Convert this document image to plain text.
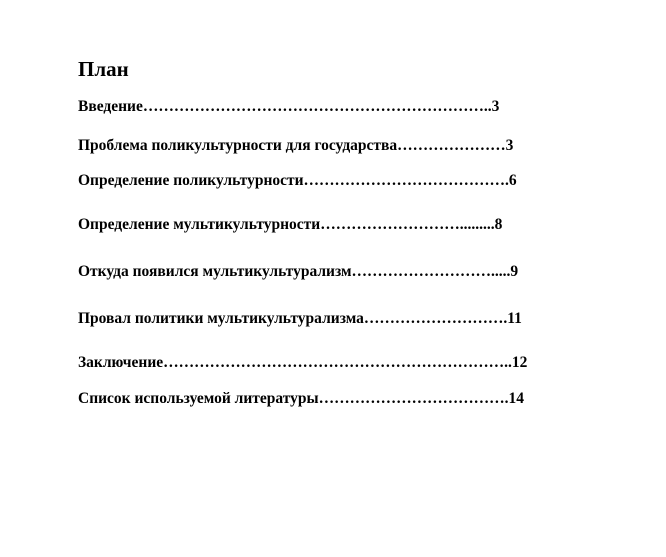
План

Введение…………………………………………………………..3

Проблема поликультурности для государства…………………3

Определение поликультурности………………………………….6

Определение мультикультурности……………………….........8

Откуда появился мультикультурализм……………………….....9

Провал политики мультикультурализма……………………….11

Заключение…………………………………………………………..12

Список используемой литературы……………………………….14
